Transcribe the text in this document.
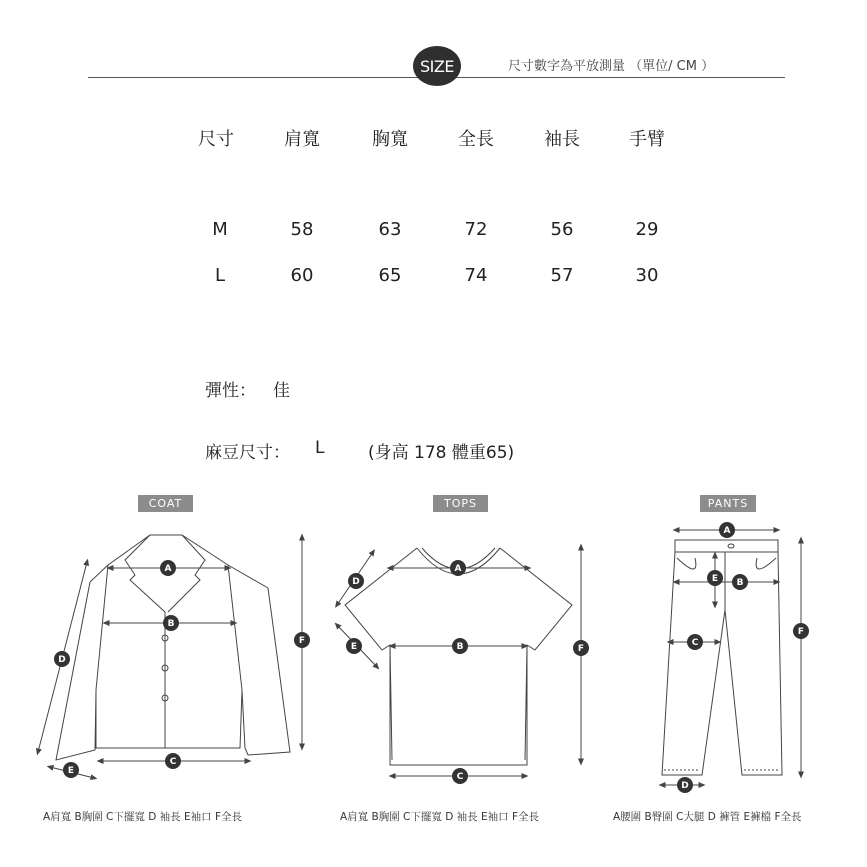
SIZE	尺寸數字為平放測量 （單位/ CM ）
尺寸	肩寬	胸寬	全長	袖長	手臂
M	58	63	72	56	29
L	60	65	74	57	30
彈性： 佳
麻豆尺寸： L	(身高 178 體重65)
COAT	TOPS	PANTS
A
B
C
D
E
F
A
B
C
D
E	F
A
B
C
D
E
F
A肩寬 B胸圍 C下擺寬 D 袖長 E袖口 F全長	A肩寬 B胸圍 C下擺寬 D 袖長 E袖口 F全長	A腰圍 B臀圍 C大腿 D 褲管 E褲檔 F全長
